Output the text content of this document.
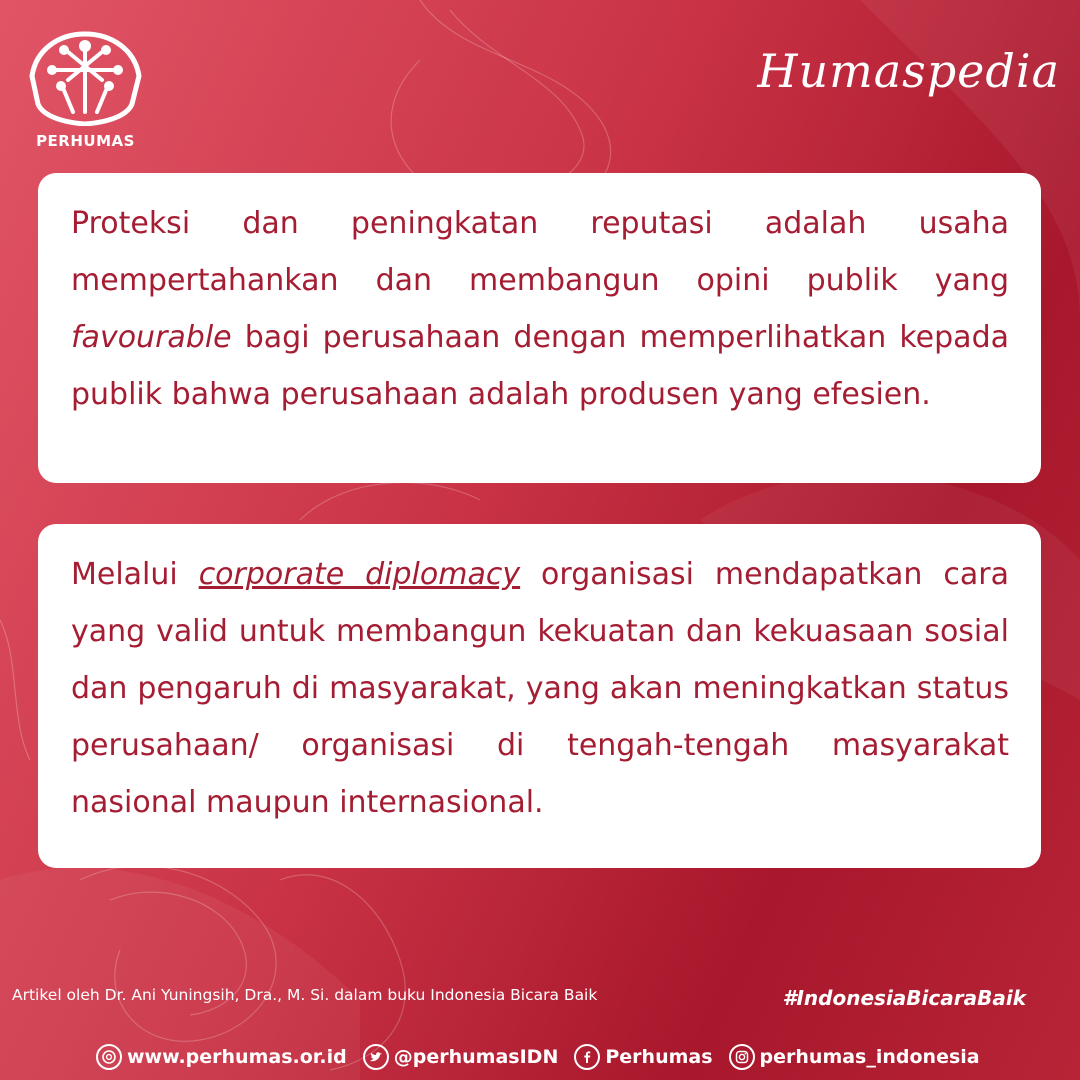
PERHUMAS
Humaspedia

Proteksi dan peningkatan reputasi adalah usaha mempertahankan dan membangun opini publik yang favourable bagi perusahaan dengan memperlihatkan kepada publik bahwa perusahaan adalah produsen yang efesien.

Melalui corporate diplomacy organisasi mendapatkan cara yang valid untuk membangun kekuatan dan kekuasaan sosial dan pengaruh di masyarakat, yang akan meningkatkan status perusahaan/ organisasi di tengah-tengah masyarakat nasional maupun internasional.

Artikel oleh Dr. Ani Yuningsih, Dra., M. Si. dalam buku Indonesia Bicara Baik	#IndonesiaBicaraBaik
www.perhumas.or.id @perhumasIDN Perhumas perhumas_indonesia
